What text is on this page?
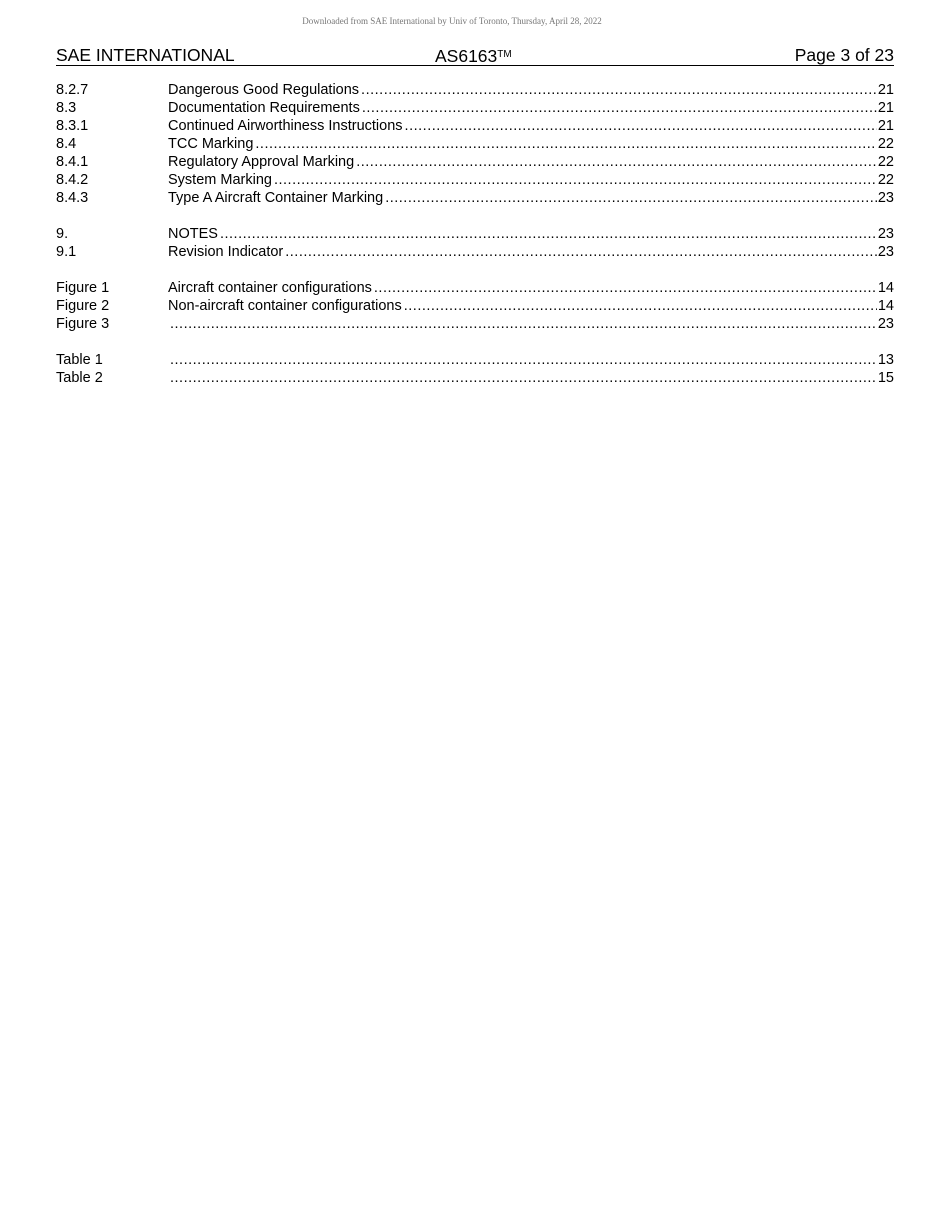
Downloaded from SAE International by Univ of Toronto, Thursday, April 28, 2022
SAE INTERNATIONAL	AS6163™	Page 3 of 23
8.2.7	Dangerous Good Regulations .....	21
8.3	Documentation Requirements .....	21
8.3.1	Continued Airworthiness Instructions .....	21
8.4	TCC Marking .....	22
8.4.1	Regulatory Approval Marking .....	22
8.4.2	System Marking .....	22
8.4.3	Type A Aircraft Container Marking .....	23
9.	NOTES .....	23
9.1	Revision Indicator .....	23
Figure 1	Aircraft container configurations .....	14
Figure 2	Non-aircraft container configurations .....	14
Figure 3 .....	23
Table 1 .....	13
Table 2 .....	15
